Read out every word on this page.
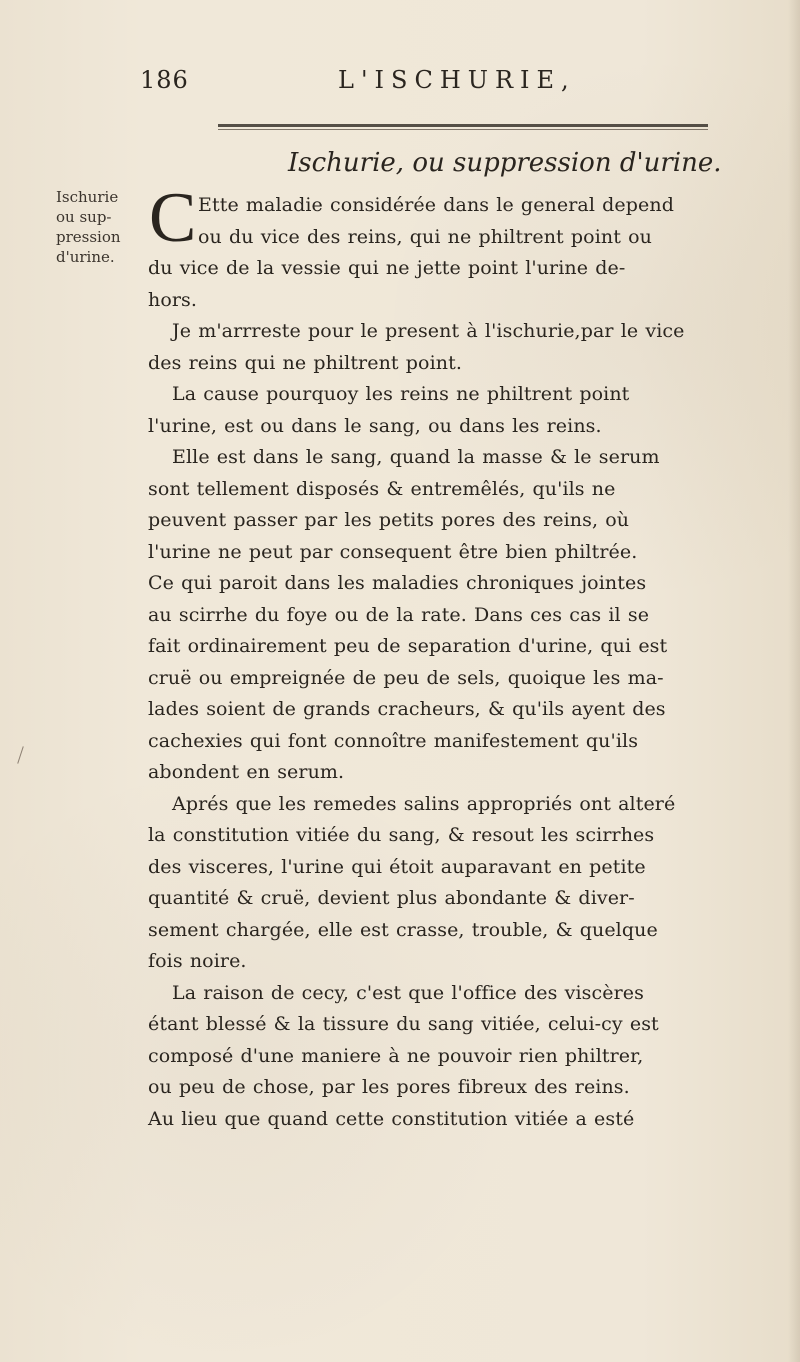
186	L'ISCHURIE,
Ischurie, ou suppression d'urine.
Ischurie
ou sup-
pression
d'urine. C Ette maladie considérée dans le general depend
ou du vice des reins, qui ne philtrent point ou
du vice de la vessie qui ne jette point l'urine de-
hors.
Je m'arrreste pour le present à l'ischurie,par le vice
des reins qui ne philtrent point.
La cause pourquoy les reins ne philtrent point
l'urine, est ou dans le sang, ou dans les reins.
Elle est dans le sang, quand la masse & le serum
sont tellement disposés & entremêlés, qu'ils ne
peuvent passer par les petits pores des reins, où
l'urine ne peut par consequent être bien philtrée.
Ce qui paroit dans les maladies chroniques jointes
au scirrhe du foye ou de la rate. Dans ces cas il se
fait ordinairement peu de separation d'urine, qui est
cruë ou empreignée de peu de sels, quoique les ma-
lades soient de grands cracheurs, & qu'ils ayent des
cachexies qui font connoître manifestement qu'ils
abondent en serum.
Aprés que les remedes salins appropriés ont alteré
la constitution vitiée du sang, & resout les scirrhes
des visceres, l'urine qui étoit auparavant en petite
quantité & cruë, devient plus abondante & diver-
sement chargée, elle est crasse, trouble, & quelque
fois noire.
La raison de cecy, c'est que l'office des viscères
étant blessé & la tissure du sang vitiée, celui-cy est
composé d'une maniere à ne pouvoir rien philtrer,
ou peu de chose, par les pores fibreux des reins.
Au lieu que quand cette constitution vitiée a esté
